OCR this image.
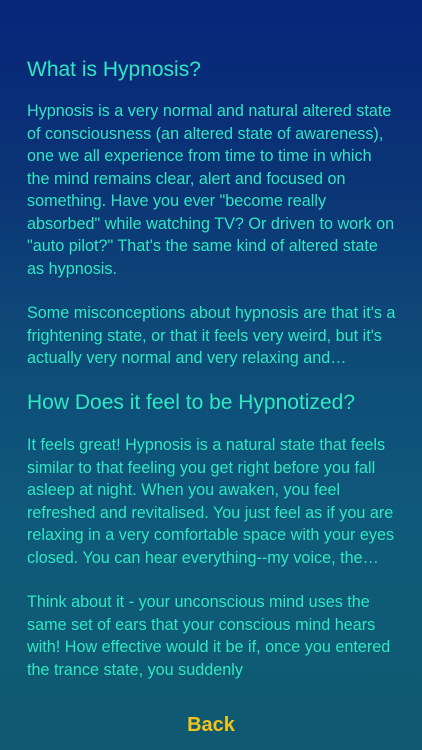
What is Hypnosis?

Hypnosis is a very normal and natural altered state of consciousness (an altered state of awareness), one we all experience from time to time in which the mind remains clear, alert and focused on something. Have you ever "become really absorbed" while watching TV? Or driven to work on "auto pilot?" That's the same kind of altered state as hypnosis.

Some misconceptions about hypnosis are that it's a frightening state, or that it feels very weird, but it's actually very normal and very relaxing and

How Does it feel to be Hypnotized?

It feels great! Hypnosis is a natural state that feels similar to that feeling you get right before you fall asleep at night. When you awaken, you feel refreshed and revitalised. You just feel as if you are relaxing in a very comfortable space with your eyes closed. You can hear everything--my voice, the

Think about it - your unconscious mind uses the same set of ears that your conscious mind hears with! How effective would it be if, once you entered the trance state, you suddenly

Back
